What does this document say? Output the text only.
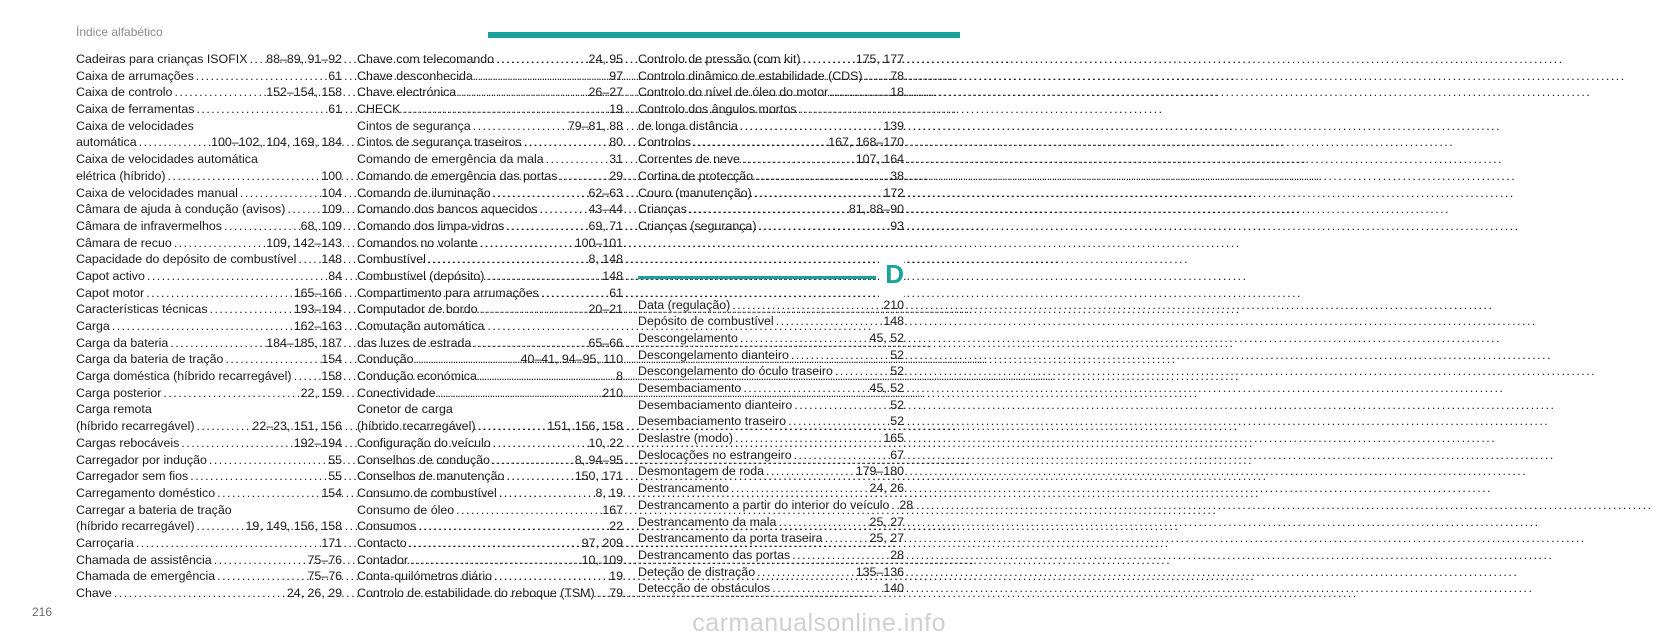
Índice alfabético
Cadeiras para crianças ISOFIX ..... 88–89, 91–92
Caixa de arrumações .....	61
Caixa de controlo .....	152–154, 158
Caixa de ferramentas .....	61
Caixa de velocidades
automática .....	100–102, 104, 169, 184
Caixa de velocidades automática
elétrica (híbrido) .....	100
Caixa de velocidades manual .....	104
Câmara de ajuda à condução (avisos) .....	109
Câmara de infravermelhos .....	68, 109
Câmara de recuo .....	109, 142–143
Capacidade do depósito de combustível ..... 148
Capot activo .....	84
Capot motor .....	165–166
Características técnicas .....	193–194
Carga .....	162–163
Carga da bateria .....	184–185, 187
Carga da bateria de tração .....	154
Carga doméstica (híbrido recarregável) ..... 158
Carga posterior .....	22, 159
Carga remota
(híbrido recarregável) .....	22–23, 151, 156
Cargas rebocáveis .....	192–194
Carregador por indução .....	55
Carregador sem fios .....	55
Carregamento doméstico .....	154
Carregar a bateria de tração
(híbrido recarregável) .....	19, 149, 156, 158
Carroçaria .....	171
Chamada de assistência .....	75–76
Chamada de emergência .....	75–76
Chave .....	24, 26, 29
Chave com telecomando .....	24, 95
Chave desconhecida .....	97
Chave electrónica .....	26–27
CHECK .....	19
Cintos de segurança .....	79–81, 88
Cintos de segurança traseiros .....	80
Comando de emergência da mala .....	31
Comando de emergência das portas .....	29
Comando de iluminação .....	62–63
Comando dos bancos aquecidos .....	43–44
Comando dos limpa-vidros .....	69, 71
Comandos no volante .....	100–101
Combustível .....	8, 148
Combustível (depósito) .....	148
Compartimento para arrumações .....	61
Computador de bordo .....	20–21
Comutação automática
das luzes de estrada .....	65–66
Condução .....	40–41, 94–95, 110
Condução económica .....	8
Conectividade .....	210
Conetor de carga
(híbrido recarregável) .....	151, 156, 158
Configuração do veículo .....	10, 22
Conselhos de condução .....	8, 94–95
Conselhos de manutenção .....	150, 171
Consumo de combustível .....	8, 19
Consumo de óleo .....	167
Consumos .....	22
Contacto .....	97, 209
Contador .....	10, 109
Conta-quilómetros diário .....	19
Controlo de estabilidade do reboque (TSM) ..... 79
Controlo de pressão (com kit) .....	175, 177
Controlo dinâmico de estabilidade (CDS) ..... 78
Controlo do nível de óleo do motor .....	18
Controlo dos ângulos mortos
de longa distância .....	139
Controlos .....	167, 168–170
Correntes de neve .....	107, 164
Cortina de protecção .....	38
Couro (manutenção) .....	172
Crianças .....	81, 88–90
Crianças (segurança) .....	93
D
Data (regulação) .....	210
Depósito de combustível .....	148
Descongelamento .....	45, 52
Descongelamento dianteiro .....	52
Descongelamento do óculo traseiro .....	52
Desembaciamento .....	45, 52
Desembaciamento dianteiro .....	52
Desembaciamento traseiro .....	52
Deslastre (modo) .....	165
Deslocações no estrangeiro .....	67
Desmontagem de roda .....	179–180
Destrancamento .....	24, 26
Destrancamento a partir do interior do veículo ..... 28
Destrancamento da mala .....	25, 27
Destrancamento da porta traseira .....	25, 27
Destrancamento das portas .....	28
Deteção de distração .....	135–136
Detecção de obstáculos .....	140
216	carmanualsonline.info
